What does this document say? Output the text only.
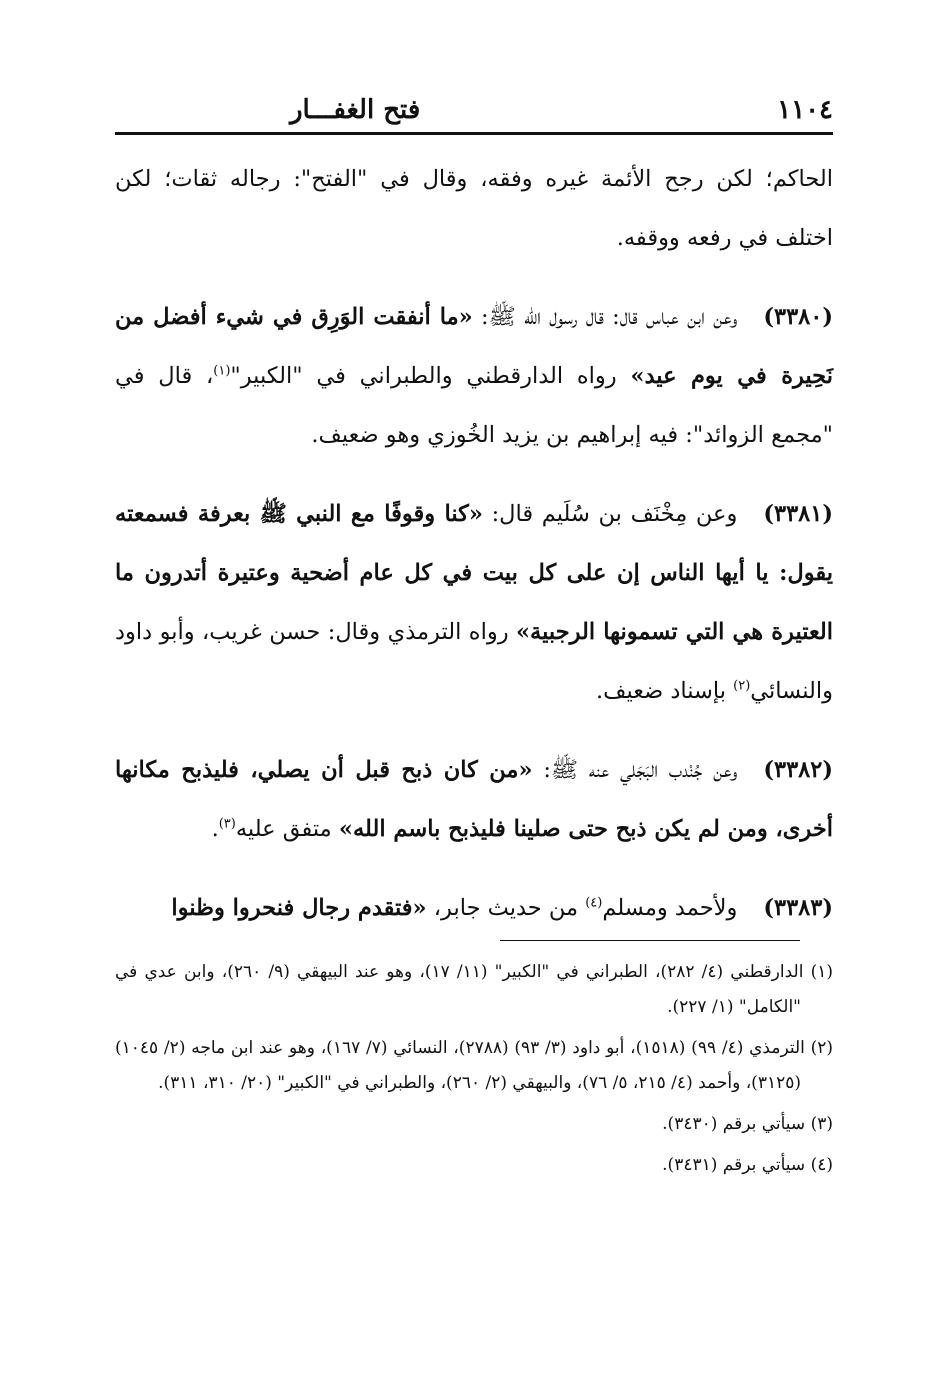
١١٠٤
فتح الغفـــار

الحاكم؛ لكن رجح الأئمة غيره وفقه، وقال في "الفتح": رجاله ثقات؛ لكن اختلف في رفعه ووقفه.

(٣٣٨٠)وعن ابن عباس قال: قال رسول الله ﷺ: «ما أنفقت الوَرِق في شيء أفضل من نَحِيرة في يوم عيد» رواه الدارقطني والطبراني في "الكبير"$^{(١)}$، قال في "مجمع الزوائد": فيه إبراهيم بن يزيد الخُوزي وهو ضعيف.

(٣٣٨١)وعن مِخْنَف بن سُلَيم قال: «كنا وقوفًا مع النبي ﷺ بعرفة فسمعته يقول: يا أيها الناس إن على كل بيت في كل عام أضحية وعتيرة أتدرون ما العتيرة هي التي تسمونها الرجبية» رواه الترمذي وقال: حسن غريب، وأبو داود والنسائي$^{(٢)}$ بإسناد ضعيف.

(٣٣٨٢)وعن جُنْدب البَجَلي عنه ﷺ: «من كان ذبح قبل أن يصلي، فليذبح مكانها أخرى، ومن لم يكن ذبح حتى صلينا فليذبح باسم الله» متفق عليه$^{(٣)}$.

(٣٣٨٣)ولأحمد ومسلم$^{(٤)}$ من حديث جابر، «فتقدم رجال فنحروا وظنوا

(١) الدارقطني (٤/ ٢٨٢)، الطبراني في "الكبير" (١١/ ١٧)، وهو عند البيهقي (٩/ ٢٦٠)، وابن عدي في "الكامل" (١/ ٢٢٧).

(٢) الترمذي (٤/ ٩٩) (١٥١٨)، أبو داود (٣/ ٩٣) (٢٧٨٨)، النسائي (٧/ ١٦٧)، وهو عند ابن ماجه (٢/ ١٠٤٥) (٣١٢٥)، وأحمد (٤/ ٢١٥، ٥/ ٧٦)، والبيهقي (٢/ ٢٦٠)، والطبراني في "الكبير" (٢٠/ ٣١٠، ٣١١).

(٣) سيأتي برقم (٣٤٣٠).

(٤) سيأتي برقم (٣٤٣١).
